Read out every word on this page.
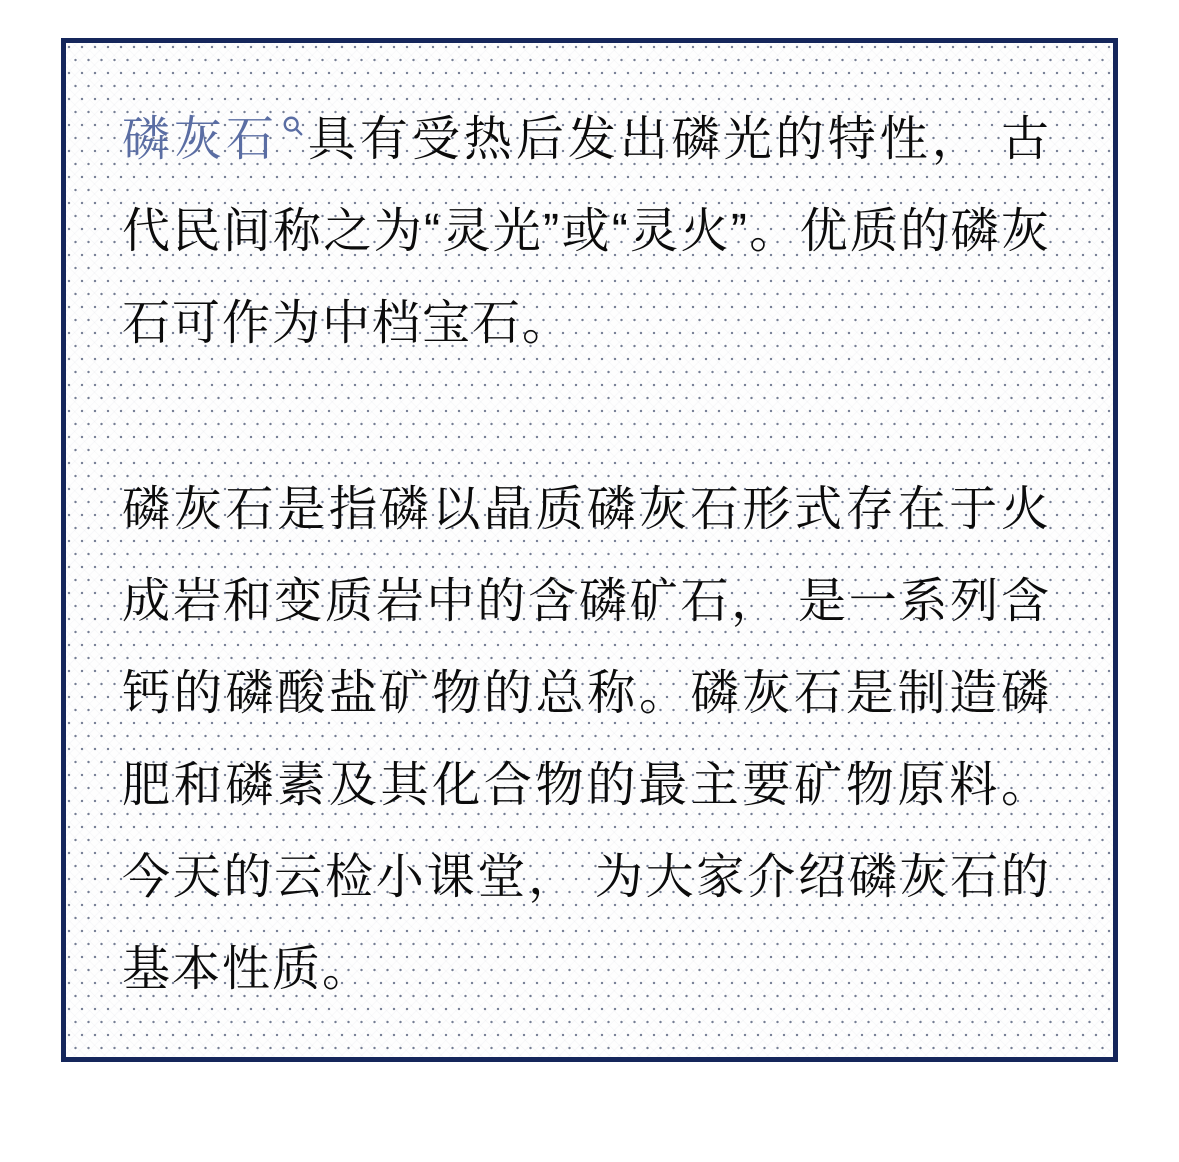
磷灰石 具有受热后发出磷光的特性， 古代民间称之为“灵光”或“灵火”。优质的磷灰石可作为中档宝石。

磷灰石是指磷以晶质磷灰石形式存在于火成岩和变质岩中的含磷矿石， 是一系列含钙的磷酸盐矿物的总称。磷灰石是制造磷肥和磷素及其化合物的最主要矿物原料。今天的云检小课堂， 为大家介绍磷灰石的基本性质。
